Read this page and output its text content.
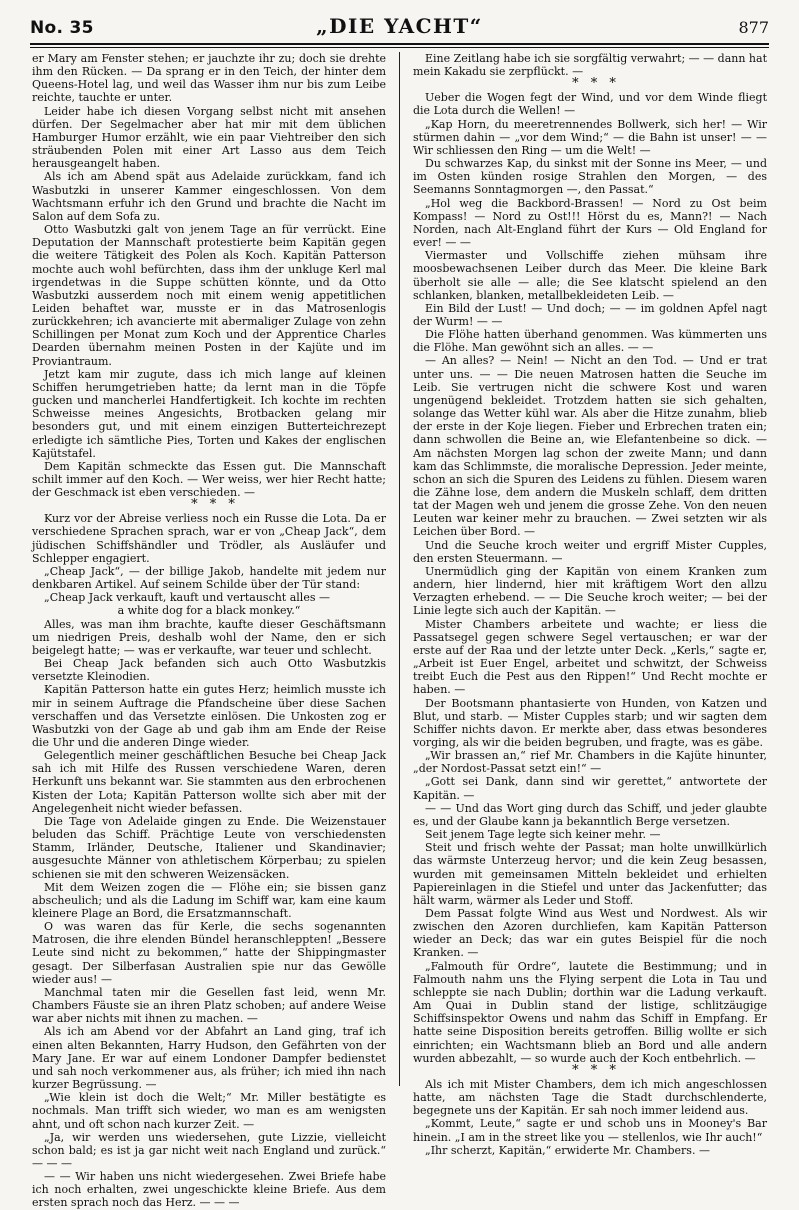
No. 35	„DIE YACHT“	877

er Mary am Fenster stehen; er jauchzte ihr zu; doch sie drehte ihm den Rücken. — Da sprang er in den Teich, der hinter dem Queens-Hotel lag, und weil das Wasser ihm nur bis zum Leibe reichte, tauchte er unter.

Leider habe ich diesen Vorgang selbst nicht mit ansehen dürfen. Der Segelmacher aber hat mir mit dem üblichen Hamburger Humor erzählt, wie ein paar Viehtreiber den sich sträubenden Polen mit einer Art Lasso aus dem Teich herausgeangelt haben.

Als ich am Abend spät aus Adelaide zurückkam, fand ich Wasbutzki in unserer Kammer eingeschlossen. Von dem Wachtsmann erfuhr ich den Grund und brachte die Nacht im Salon auf dem Sofa zu.

Otto Wasbutzki galt von jenem Tage an für verrückt. Eine Deputation der Mannschaft protestierte beim Kapitän gegen die weitere Tätigkeit des Polen als Koch. Kapitän Patterson mochte auch wohl befürchten, dass ihm der unkluge Kerl mal irgendetwas in die Suppe schütten könnte, und da Otto Wasbutzki ausserdem noch mit einem wenig appetitlichen Leiden behaftet war, musste er in das Matrosenlogis zurückkehren; ich avancierte mit abermaliger Zulage von zehn Schillingen per Monat zum Koch und der Apprentice Charles Dearden übernahm meinen Posten in der Kajüte und im Proviantraum.

Jetzt kam mir zugute, dass ich mich lange auf kleinen Schiffen herumgetrieben hatte; da lernt man in die Töpfe gucken und mancherlei Handfertigkeit. Ich kochte im rechten Schweisse meines Angesichts, Brotbacken gelang mir besonders gut, und mit einem einzigen Butterteichrezept erledigte ich sämtliche Pies, Torten und Kakes der englischen Kajütstafel.

Dem Kapitän schmeckte das Essen gut. Die Mannschaft schilt immer auf den Koch. — Wer weiss, wer hier Recht hatte; der Geschmack ist eben verschieden. —

* * *

Kurz vor der Abreise verliess noch ein Russe die Lota. Da er verschiedene Sprachen sprach, war er von „Cheap Jack“, dem jüdischen Schiffshändler und Trödler, als Ausläufer und Schlepper engagiert.

„Cheap Jack“, — der billige Jakob, handelte mit jedem nur denkbaren Artikel. Auf seinem Schilde über der Tür stand:

„Cheap Jack verkauft, kauft und vertauscht alles —

a white dog for a black monkey.“

Alles, was man ihm brachte, kaufte dieser Geschäftsmann um niedrigen Preis, deshalb wohl der Name, den er sich beigelegt hatte; — was er verkaufte, war teuer und schlecht.

Bei Cheap Jack befanden sich auch Otto Wasbutzkis versetzte Kleinodien.

Kapitän Patterson hatte ein gutes Herz; heimlich musste ich mir in seinem Auftrage die Pfandscheine über diese Sachen verschaffen und das Versetzte einlösen. Die Unkosten zog er Wasbutzki von der Gage ab und gab ihm am Ende der Reise die Uhr und die anderen Dinge wieder.

Gelegentlich meiner geschäftlichen Besuche bei Cheap Jack sah ich mit Hilfe des Russen verschiedene Waren, deren Herkunft uns bekannt war. Sie stammten aus den erbrochenen Kisten der Lota; Kapitän Patterson wollte sich aber mit der Angelegenheit nicht wieder befassen.

Die Tage von Adelaide gingen zu Ende. Die Weizenstauer beluden das Schiff. Prächtige Leute von verschiedensten Stamm, Irländer, Deutsche, Italiener und Skandinavier; ausgesuchte Männer von athletischem Körperbau; zu spielen schienen sie mit den schweren Weizensäcken.

Mit dem Weizen zogen die — Flöhe ein; sie bissen ganz abscheulich; und als die Ladung im Schiff war, kam eine kaum kleinere Plage an Bord, die Ersatzmannschaft.

O was waren das für Kerle, die sechs sogenannten Matrosen, die ihre elenden Bündel heranschleppten! „Bessere Leute sind nicht zu bekommen,“ hatte der Shippingmaster gesagt. Der Silberfasan Australien spie nur das Gewölle wieder aus! —

Manchmal taten mir die Gesellen fast leid, wenn Mr. Chambers Fäuste sie an ihren Platz schoben; auf andere Weise war aber nichts mit ihnen zu machen. —

Als ich am Abend vor der Abfahrt an Land ging, traf ich einen alten Bekannten, Harry Hudson, den Gefährten von der Mary Jane. Er war auf einem Londoner Dampfer bedienstet und sah noch verkommener aus, als früher; ich mied ihn nach kurzer Begrüssung. —

„Wie klein ist doch die Welt;“ Mr. Miller bestätigte es nochmals. Man trifft sich wieder, wo man es am wenigsten ahnt, und oft schon nach kurzer Zeit. —

„Ja, wir werden uns wiedersehen, gute Lizzie, vielleicht schon bald; es ist ja gar nicht weit nach England und zurück.“ — — —

— — Wir haben uns nicht wiedergesehen. Zwei Briefe habe ich noch erhalten, zwei ungeschickte kleine Briefe. Aus dem ersten sprach noch das Herz. — — —

Eine Zeitlang habe ich sie sorgfältig verwahrt; — — dann hat mein Kakadu sie zerpflückt. —

* * *

Ueber die Wogen fegt der Wind, und vor dem Winde fliegt die Lota durch die Wellen! —

„Kap Horn, du meeretrennendes Bollwerk, sich her! — Wir stürmen dahin — „vor dem Wind;“ — die Bahn ist unser! — — Wir schliessen den Ring — um die Welt! —

Du schwarzes Kap, du sinkst mit der Sonne ins Meer, — und im Osten künden rosige Strahlen den Morgen, — des Seemanns Sonntagmorgen —, den Passat.“

„Hol weg die Backbord-Brassen! — Nord zu Ost beim Kompass! — Nord zu Ost!!! Hörst du es, Mann?! — Nach Norden, nach Alt-England führt der Kurs — Old England for ever! — —

Viermaster und Vollschiffe ziehen mühsam ihre moosbewachsenen Leiber durch das Meer. Die kleine Bark überholt sie alle — alle; die See klatscht spielend an den schlanken, blanken, metallbekleideten Leib. —

Ein Bild der Lust! — Und doch; — — im goldnen Apfel nagt der Wurm! — —

Die Flöhe hatten überhand genommen. Was kümmerten uns die Flöhe. Man gewöhnt sich an alles. — —

— An alles? — Nein! — Nicht an den Tod. — Und er trat unter uns. — — Die neuen Matrosen hatten die Seuche im Leib. Sie vertrugen nicht die schwere Kost und waren ungenügend bekleidet. Trotzdem hatten sie sich gehalten, solange das Wetter kühl war. Als aber die Hitze zunahm, blieb der erste in der Koje liegen. Fieber und Erbrechen traten ein; dann schwollen die Beine an, wie Elefantenbeine so dick. — Am nächsten Morgen lag schon der zweite Mann; und dann kam das Schlimmste, die moralische Depression. Jeder meinte, schon an sich die Spuren des Leidens zu fühlen. Diesem waren die Zähne lose, dem andern die Muskeln schlaff, dem dritten tat der Magen weh und jenem die grosse Zehe. Von den neuen Leuten war keiner mehr zu brauchen. — Zwei setzten wir als Leichen über Bord. —

Und die Seuche kroch weiter und ergriff Mister Cupples, den ersten Steuermann. —

Unermüdlich ging der Kapitän von einem Kranken zum andern, hier lindernd, hier mit kräftigem Wort den allzu Verzagten erhebend. — — Die Seuche kroch weiter; — bei der Linie legte sich auch der Kapitän. —

Mister Chambers arbeitete und wachte; er liess die Passatsegel gegen schwere Segel vertauschen; er war der erste auf der Raa und der letzte unter Deck. „Kerls,“ sagte er, „Arbeit ist Euer Engel, arbeitet und schwitzt, der Schweiss treibt Euch die Pest aus den Rippen!“ Und Recht mochte er haben. —

Der Bootsmann phantasierte von Hunden, von Katzen und Blut, und starb. — Mister Cupples starb; und wir sagten dem Schiffer nichts davon. Er merkte aber, dass etwas besonderes vorging, als wir die beiden begruben, und fragte, was es gäbe.

„Wir brassen an,“ rief Mr. Chambers in die Kajüte hinunter, „der Nordost-Passat setzt ein!“ —

„Gott sei Dank, dann sind wir gerettet,“ antwortete der Kapitän. —

— — Und das Wort ging durch das Schiff, und jeder glaubte es, und der Glaube kann ja bekanntlich Berge versetzen.

Seit jenem Tage legte sich keiner mehr. —

Steit und frisch wehte der Passat; man holte unwillkürlich das wärmste Unterzeug hervor; und die kein Zeug besassen, wurden mit gemeinsamen Mitteln bekleidet und erhielten Papiereinlagen in die Stiefel und unter das Jackenfutter; das hält warm, wärmer als Leder und Stoff.

Dem Passat folgte Wind aus West und Nordwest. Als wir zwischen den Azoren durchliefen, kam Kapitän Patterson wieder an Deck; das war ein gutes Beispiel für die noch Kranken. —

„Falmouth für Ordre“, lautete die Bestimmung; und in Falmouth nahm uns the Flying serpent die Lota in Tau und schleppte sie nach Dublin; dorthin war die Ladung verkauft. Am Quai in Dublin stand der listige, schlitzäugige Schiffsinspektor Owens und nahm das Schiff in Empfang. Er hatte seine Disposition bereits getroffen. Billig wollte er sich einrichten; ein Wachtsmann blieb an Bord und alle andern wurden abbezahlt, — so wurde auch der Koch entbehrlich. —

* * *

Als ich mit Mister Chambers, dem ich mich angeschlossen hatte, am nächsten Tage die Stadt durchschlenderte, begegnete uns der Kapitän. Er sah noch immer leidend aus.

„Kommt, Leute,“ sagte er und schob uns in Mooney's Bar hinein. „I am in the street like you — stellenlos, wie Ihr auch!“

„Ihr scherzt, Kapitän,“ erwiderte Mr. Chambers. —
